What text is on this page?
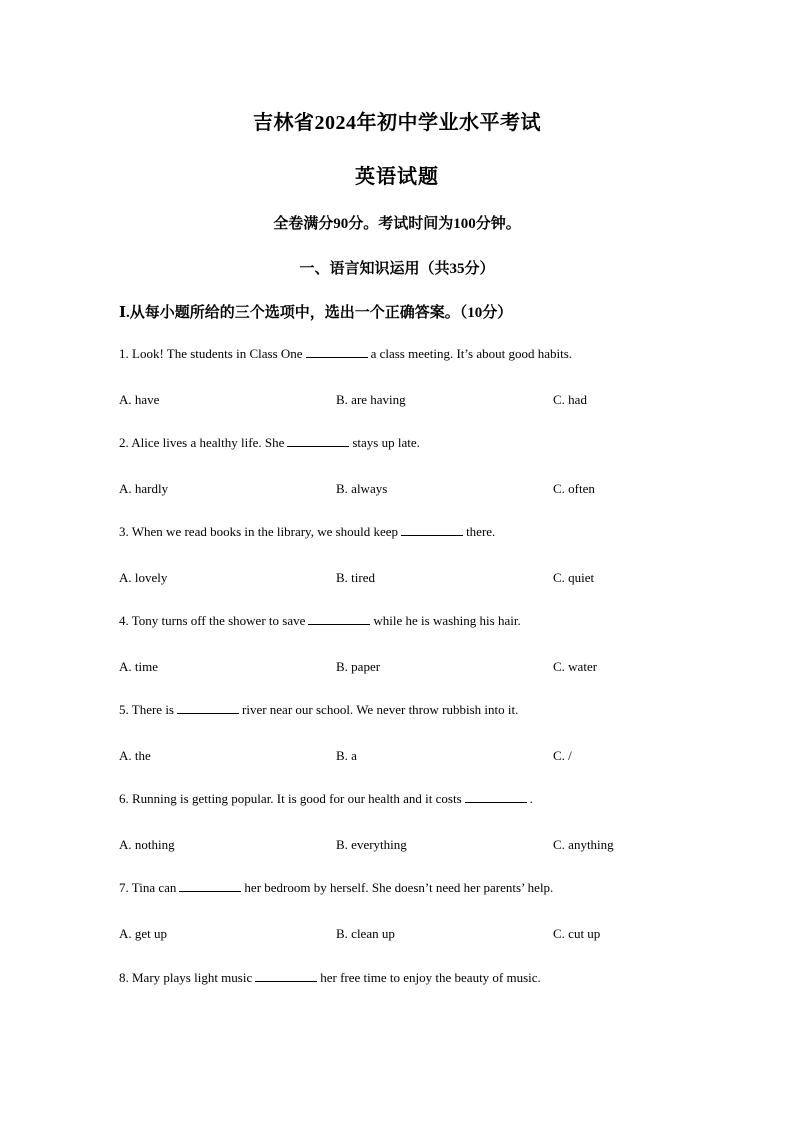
吉林省2024年初中学业水平考试
英语试题
全卷满分90分。考试时间为100分钟。
一、语言知识运用（共35分）
Ⅰ.从每小题所给的三个选项中，选出一个正确答案。（10分）
1. Look! The students in Class One	a class meeting. It’s about good habits.
A. have	B. are having	C. had
2. Alice lives a healthy life. She	stays up late.
A. hardly	B. always	C. often
3. When we read books in the library, we should keep	there.
A. lovely	B. tired	C. quiet
4. Tony turns off the shower to save	while he is washing his hair.
A. time	B. paper	C. water
5. There is	river near our school. We never throw rubbish into it.
A. the	B. a	C. /
6. Running is getting popular. It is good for our health and it costs	.
A. nothing	B. everything	C. anything
7. Tina can	her bedroom by herself. She doesn’t need her parents’ help.
A. get up	B. clean up	C. cut up
8. Mary plays light music	her free time to enjoy the beauty of music.
